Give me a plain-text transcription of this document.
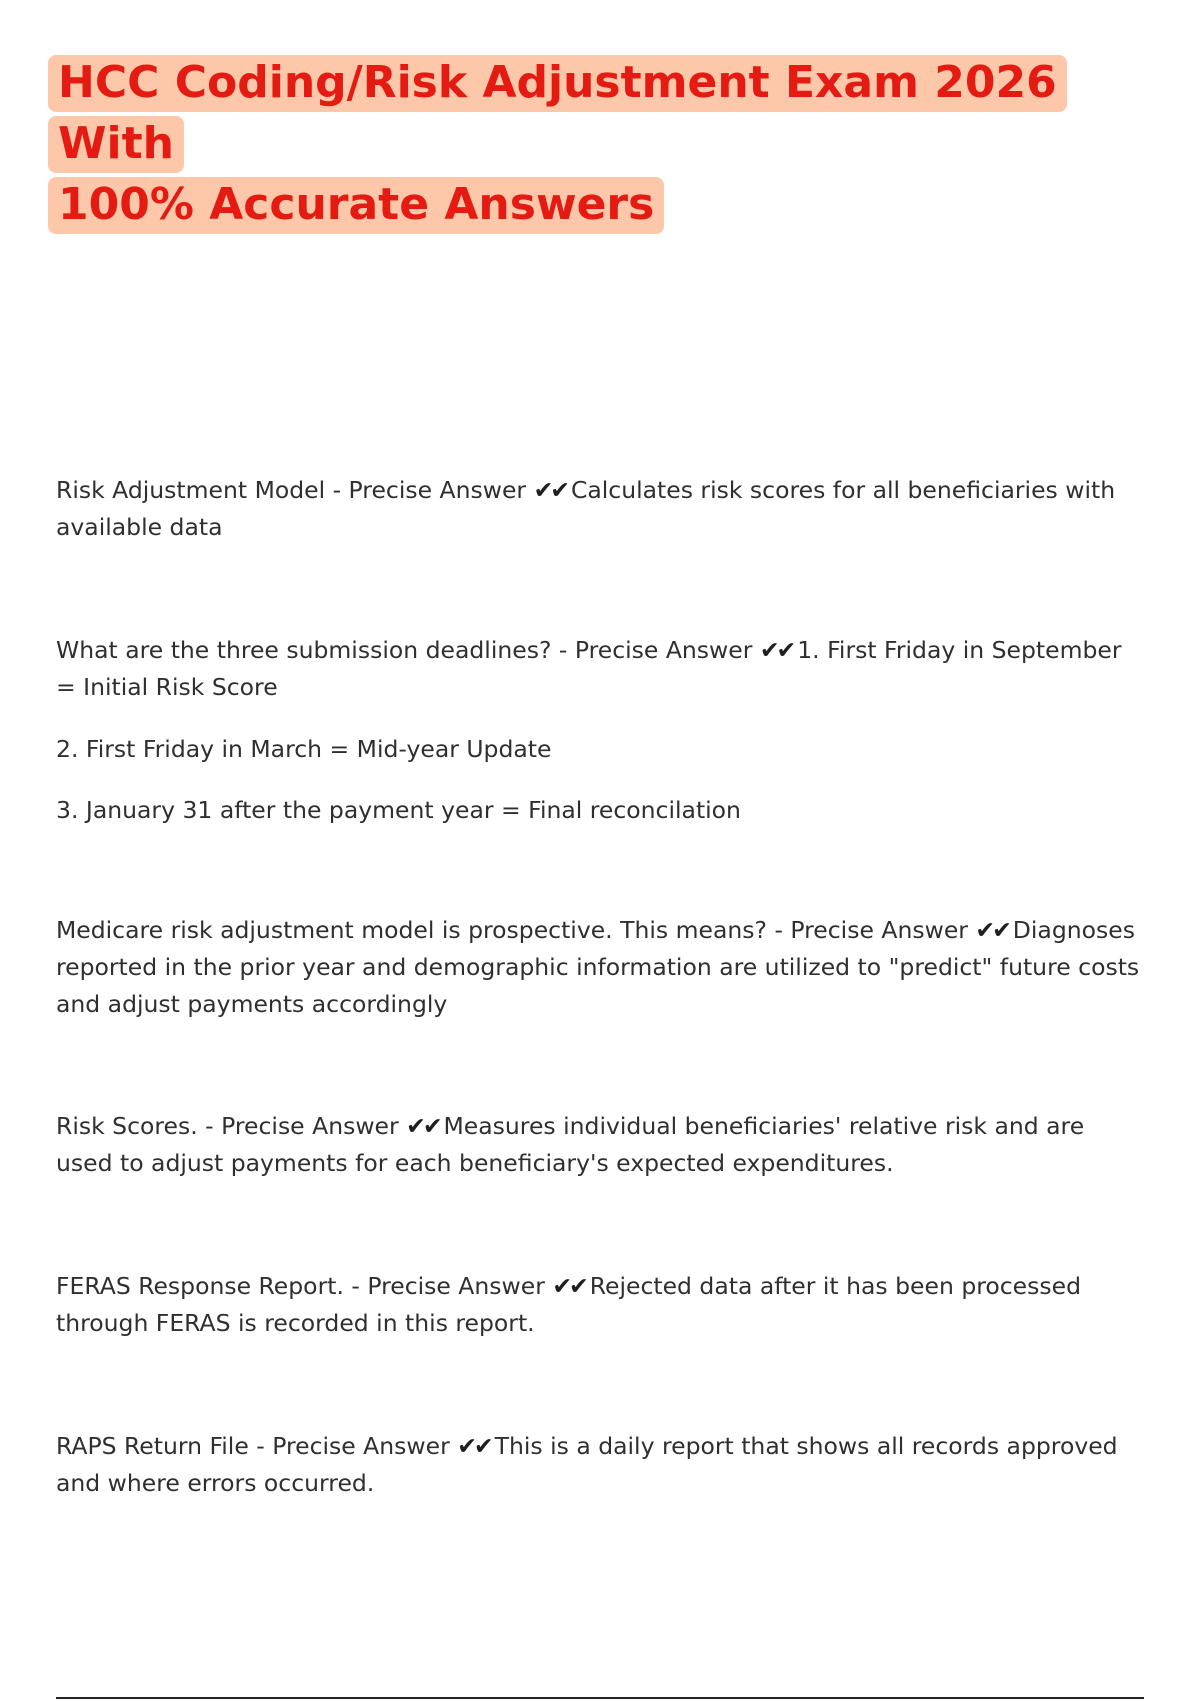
HCC Coding/Risk Adjustment Exam 2026 With
100% Accurate Answers

Risk Adjustment Model - Precise Answer ✔✔ Calculates risk scores for all beneficiaries with available data

What are the three submission deadlines? - Precise Answer ✔✔ 1. First Friday in September = Initial Risk Score

2. First Friday in March = Mid-year Update

3. January 31 after the payment year = Final reconcilation

Medicare risk adjustment model is prospective. This means? - Precise Answer ✔✔ Diagnoses reported in the prior year and demographic information are utilized to "predict" future costs and adjust payments accordingly

Risk Scores. - Precise Answer ✔✔ Measures individual beneficiaries' relative risk and are used to adjust payments for each beneficiary's expected expenditures.

FERAS Response Report. - Precise Answer ✔✔ Rejected data after it has been processed through FERAS is recorded in this report.

RAPS Return File - Precise Answer ✔✔ This is a daily report that shows all records approved and where errors occurred.
